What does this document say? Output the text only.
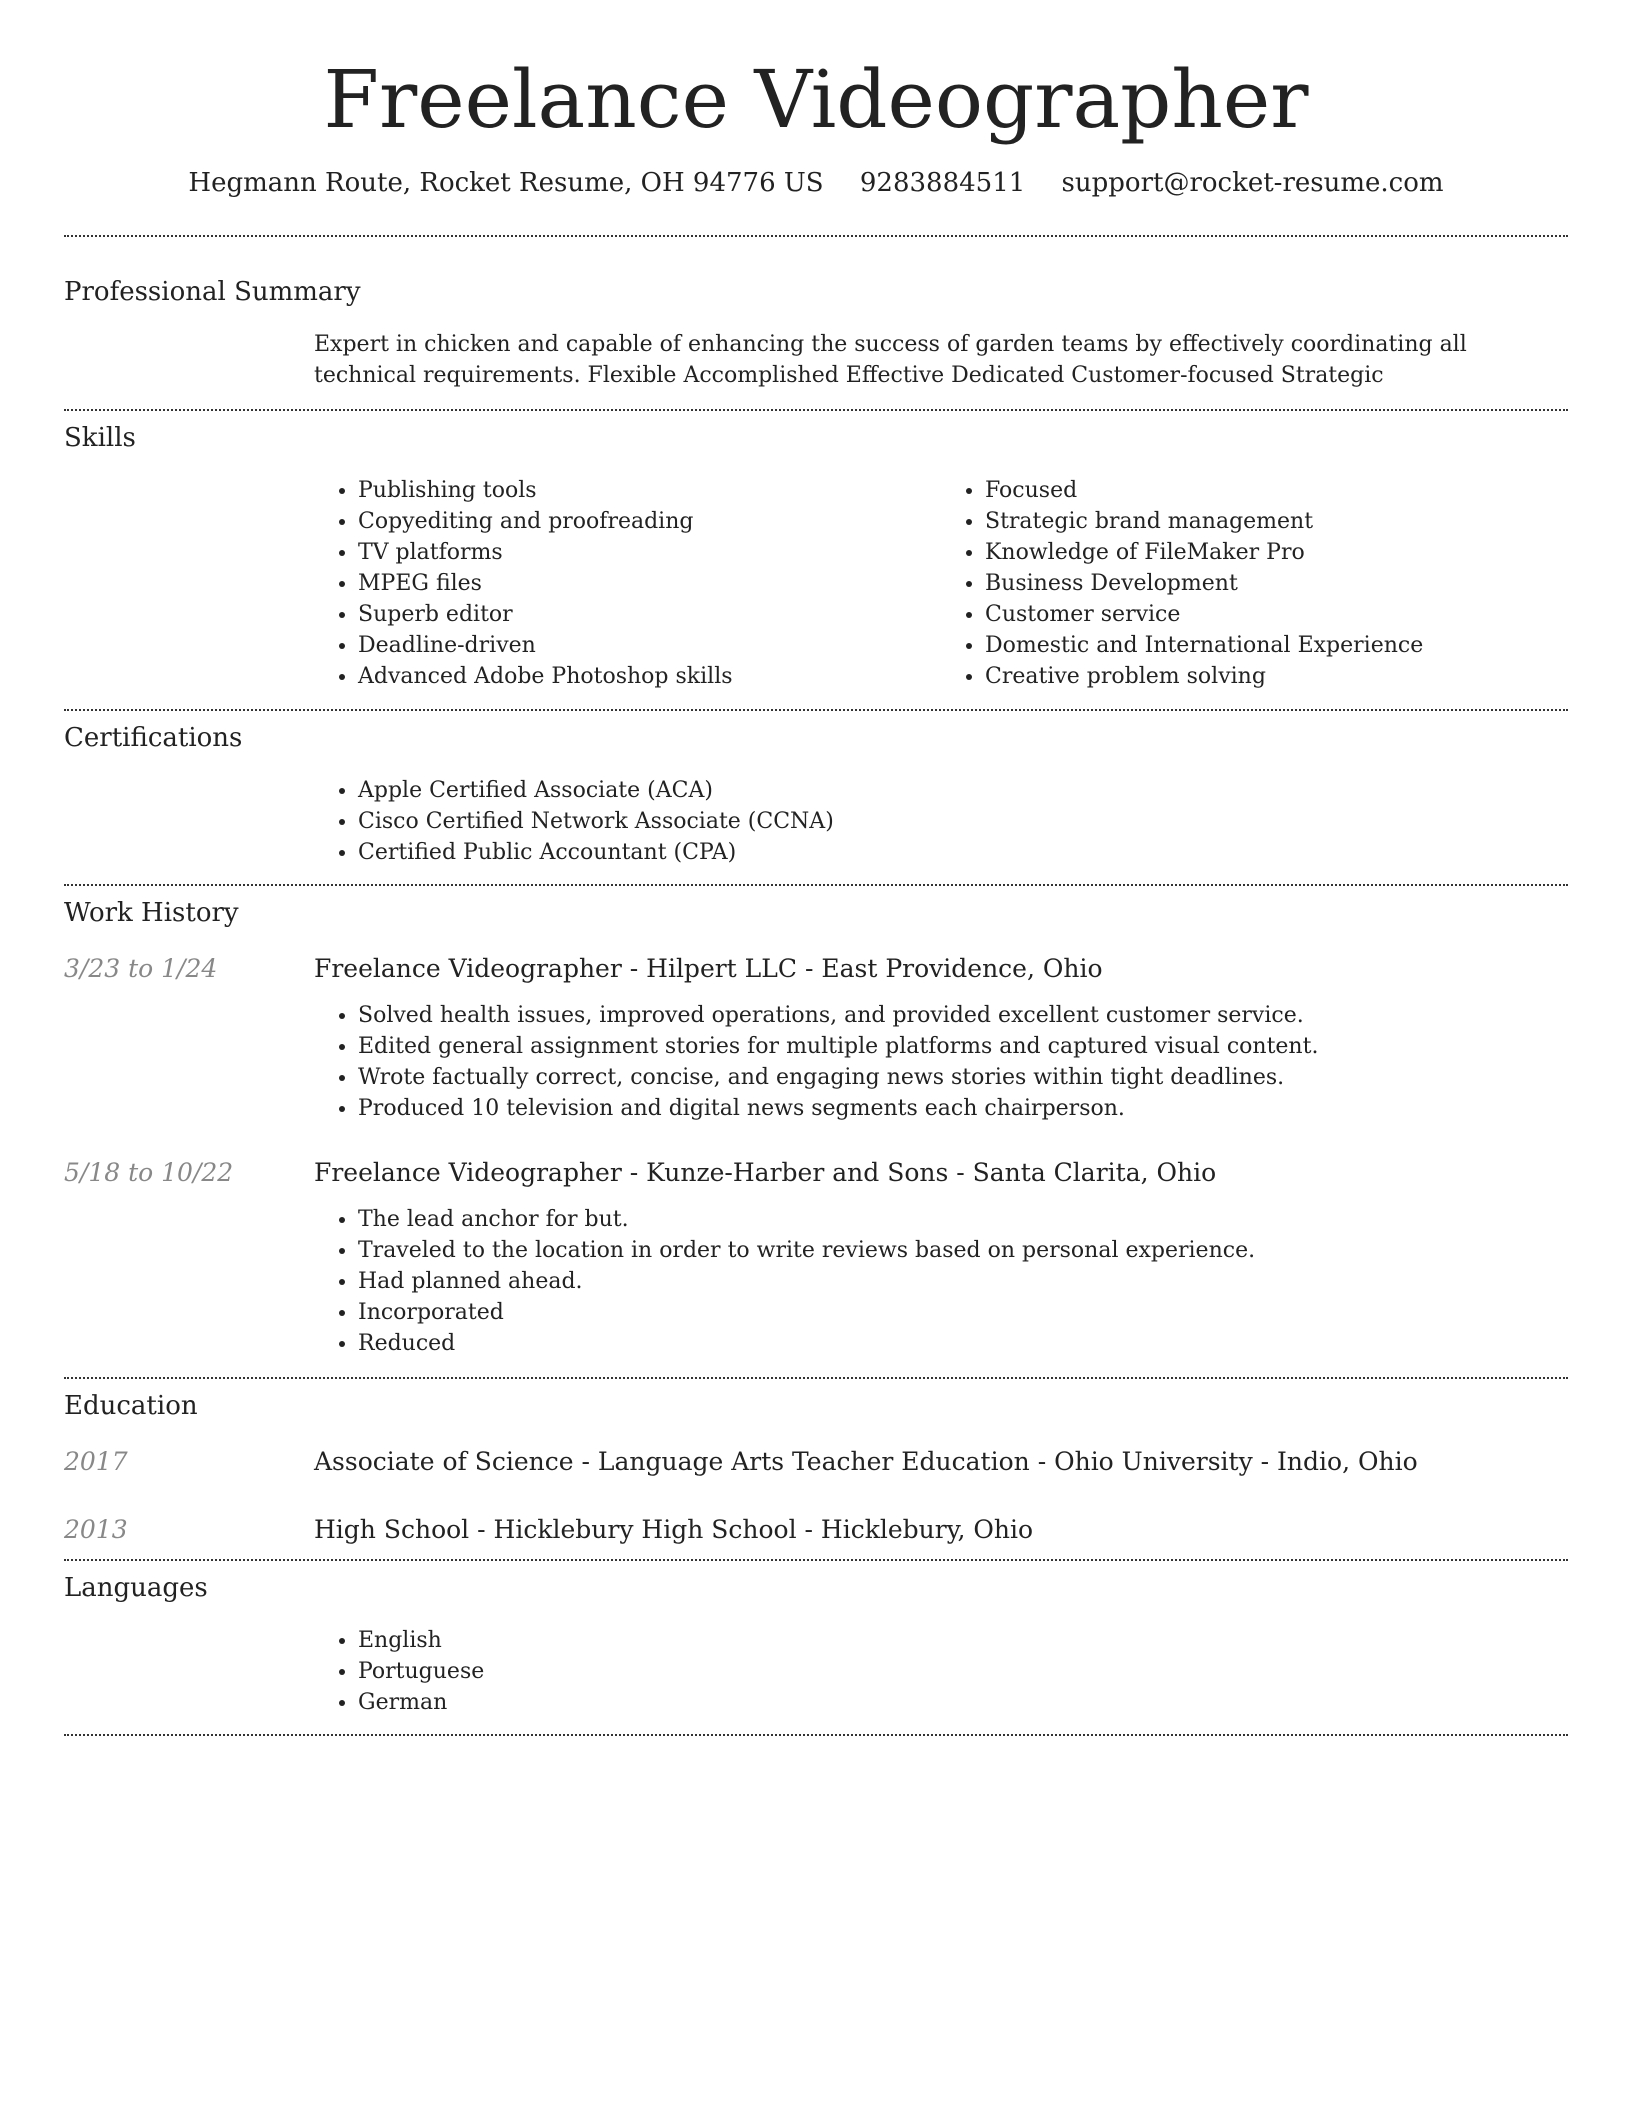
Freelance Videographer
Hegmann Route, Rocket Resume, OH 94776 US 9283884511 support@rocket-resume.com
Professional Summary

Expert in chicken and capable of enhancing the success of garden teams by effectively coordinating all technical requirements. Flexible Accomplished Effective Dedicated Customer-focused Strategic

Skills
• Publishing tools
• Copyediting and proofreading
• TV platforms
• MPEG files
• Superb editor
• Deadline-driven
• Advanced Adobe Photoshop skills
• Focused
• Strategic brand management
• Knowledge of FileMaker Pro
• Business Development
• Customer service
• Domestic and International Experience
• Creative problem solving
Certifications
• Apple Certified Associate (ACA)
• Cisco Certified Network Associate (CCNA)
• Certified Public Accountant (CPA)
Work History
3/23 to 1/24	Freelance Videographer - Hilpert LLC - East Providence, Ohio
• Solved health issues, improved operations, and provided excellent customer service.
• Edited general assignment stories for multiple platforms and captured visual content.
• Wrote factually correct, concise, and engaging news stories within tight deadlines.
• Produced 10 television and digital news segments each chairperson.
5/18 to 10/22	Freelance Videographer - Kunze-Harber and Sons - Santa Clarita, Ohio
• The lead anchor for but.
• Traveled to the location in order to write reviews based on personal experience.
• Had planned ahead.
• Incorporated
• Reduced
Education
2017	Associate of Science - Language Arts Teacher Education - Ohio University - Indio, Ohio
2013	High School - Hicklebury High School - Hicklebury, Ohio
Languages
• English
• Portuguese
• German
